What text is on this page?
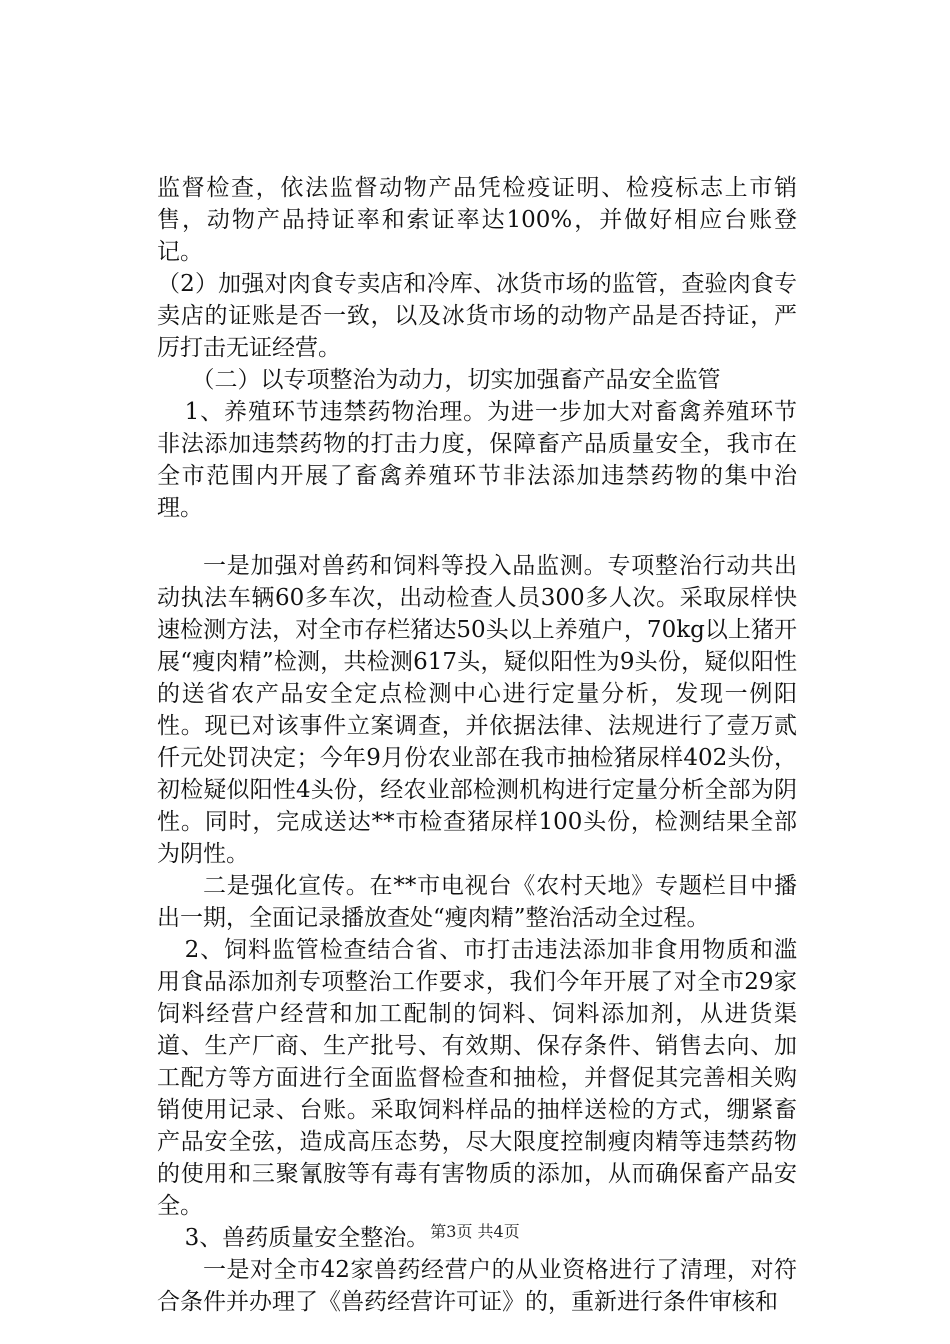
监督检查，依法监督动物产品凭检疫证明、检疫标志上市销售，动物产品持证率和索证率达100%，并做好相应台账登记。

（2）加强对肉食专卖店和冷库、冰货市场的监管，查验肉食专卖店的证账是否一致，以及冰货市场的动物产品是否持证，严厉打击无证经营。

（二）以专项整治为动力，切实加强畜产品安全监管

1、养殖环节违禁药物治理。为进一步加大对畜禽养殖环节非法添加违禁药物的打击力度，保障畜产品质量安全，我市在全市范围内开展了畜禽养殖环节非法添加违禁药物的集中治理。

一是加强对兽药和饲料等投入品监测。专项整治行动共出动执法车辆60多车次，出动检查人员300多人次。采取尿样快速检测方法，对全市存栏猪达50头以上养殖户，70kg以上猪开展“瘦肉精”检测，共检测617头，疑似阳性为9头份，疑似阳性的送省农产品安全定点检测中心进行定量分析，发现一例阳性。现已对该事件立案调查，并依据法律、法规进行了壹万贰仟元处罚决定；今年9月份农业部在我市抽检猪尿样402头份，初检疑似阳性4头份，经农业部检测机构进行定量分析全部为阴性。同时，完成送达**市检查猪尿样100头份，检测结果全部为阴性。

二是强化宣传。在**市电视台《农村天地》专题栏目中播出一期，全面记录播放查处“瘦肉精”整治活动全过程。

2、饲料监管检查结合省、市打击违法添加非食用物质和滥用食品添加剂专项整治工作要求，我们今年开展了对全市29家饲料经营户经营和加工配制的饲料、饲料添加剂，从进货渠道、生产厂商、生产批号、有效期、保存条件、销售去向、加工配方等方面进行全面监督检查和抽检，并督促其完善相关购销使用记录、台账。采取饲料样品的抽样送检的方式，绷紧畜产品安全弦，造成高压态势，尽大限度控制瘦肉精等违禁药物的使用和三聚氰胺等有毒有害物质的添加，从而确保畜产品安全。

3、兽药质量安全整治。

一是对全市42家兽药经营户的从业资格进行了清理，对符合条件并办理了《兽药经营许可证》的，重新进行条件审核和

第3页 共4页
